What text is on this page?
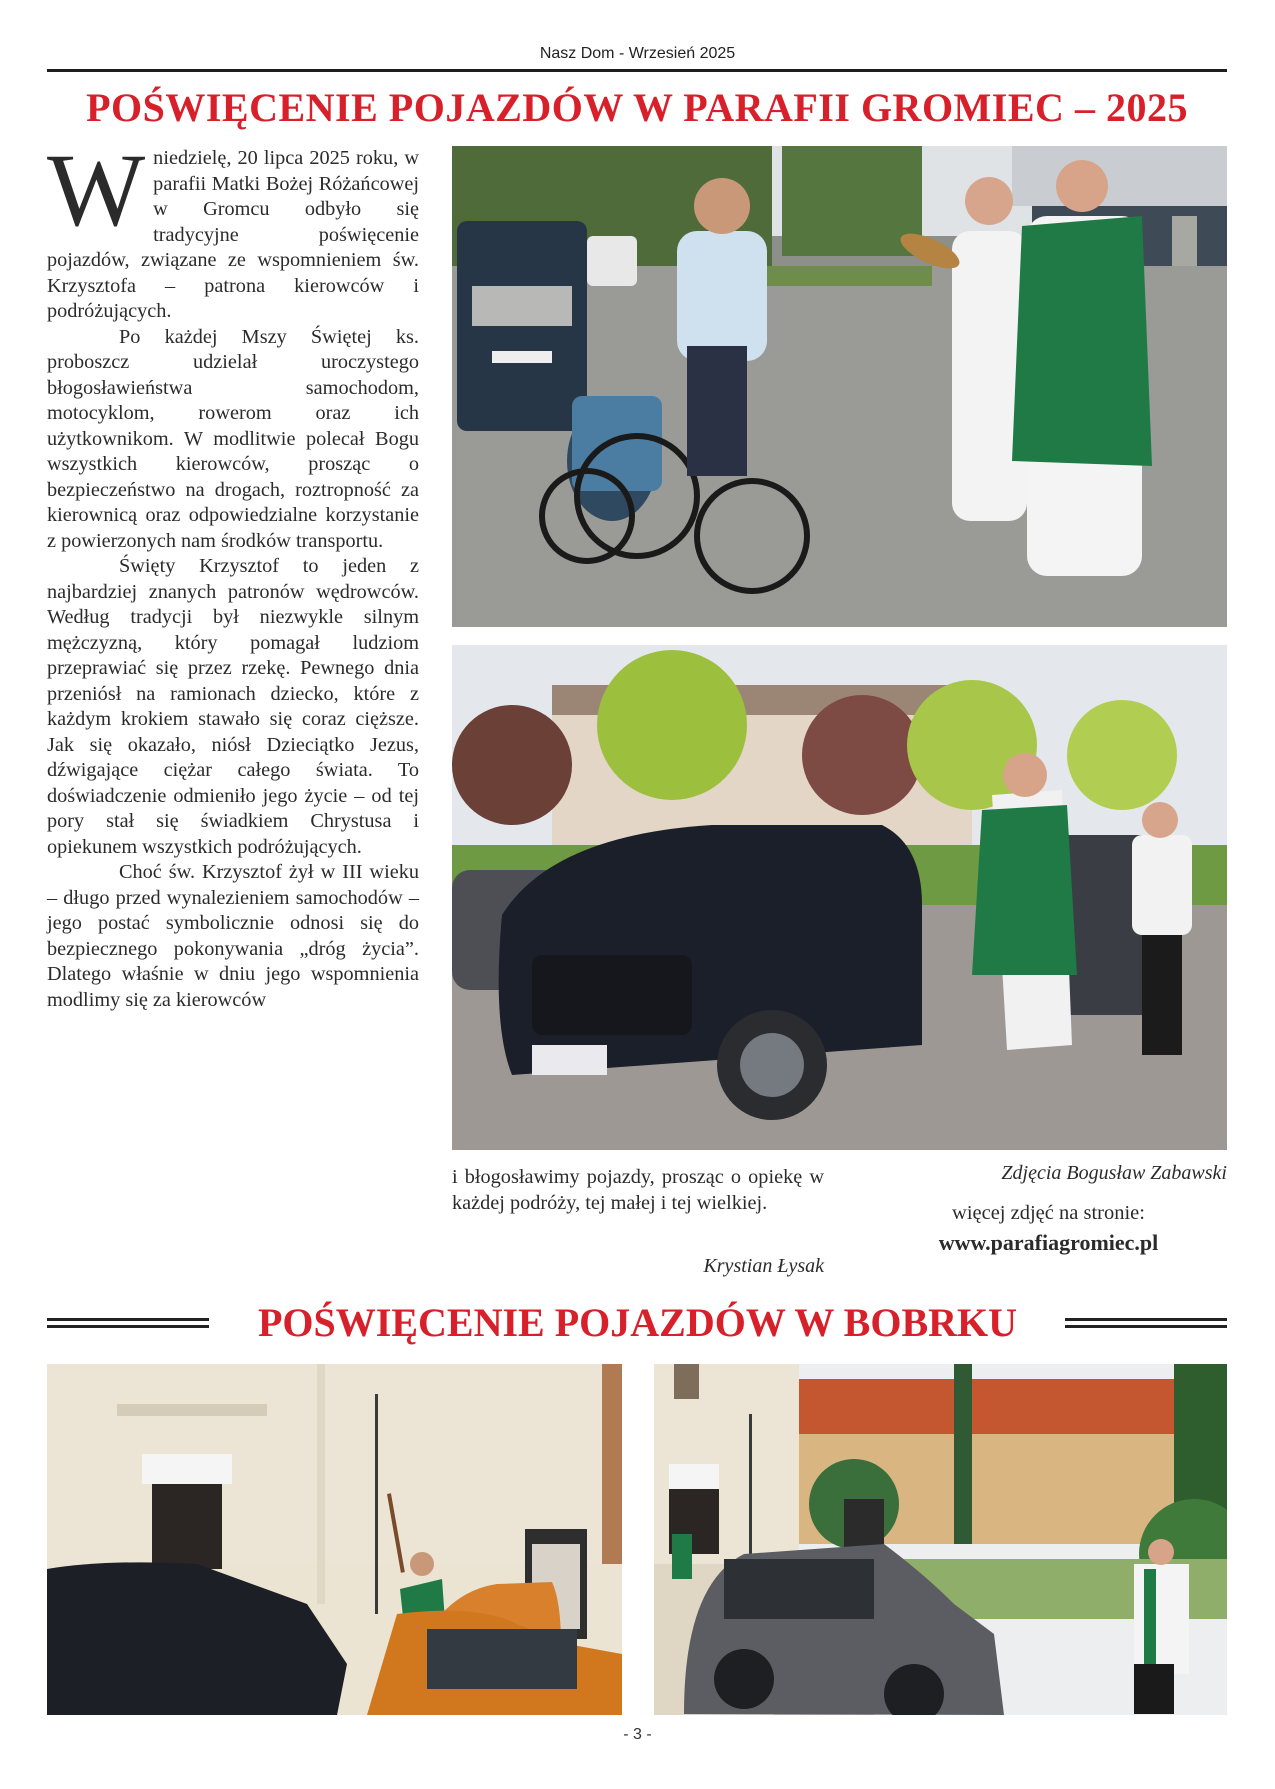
Nasz Dom - Wrzesień 2025
POŚWIĘCENIE POJAZDÓW W PARAFII GROMIEC – 2025

Wniedzielę, 20 lipca 2025 roku, w parafii Matki Bożej Różańcowej w Gromcu odbyło się tradycyjne poświęcenie pojazdów, związane ze wspomnieniem św. Krzysztofa – patrona kierowców i podróżujących.

Po każdej Mszy Świętej ks. proboszcz udzielał uroczystego błogosławieństwa samochodom, motocyklom, rowerom oraz ich użytkownikom. W modlitwie polecał Bogu wszystkich kierowców, prosząc o bezpieczeństwo na drogach, roztropność za kierownicą oraz odpowiedzialne korzystanie z powierzonych nam środków transportu.

Święty Krzysztof to jeden z najbardziej znanych patronów wędrowców. Według tradycji był niezwykle silnym mężczyzną, który pomagał ludziom przeprawiać się przez rzekę. Pewnego dnia przeniósł na ramionach dziecko, które z każdym krokiem stawało się coraz cięższe. Jak się okazało, niósł Dzieciątko Jezus, dźwigające ciężar całego świata. To doświadczenie odmieniło jego życie – od tej pory stał się świadkiem Chrystusa i opiekunem wszystkich podróżujących.

Choć św. Krzysztof żył w III wieku – długo przed wynalezieniem samochodów – jego postać symbolicznie odnosi się do bezpiecznego pokonywania „dróg życia”. Dlatego właśnie w dniu jego wspomnienia modlimy się za kierowców

i błogosławimy pojazdy, prosząc o opiekę w każdej podróży, tej małej i tej wielkiej.

Krystian Łysak
Zdjęcia Bogusław Zabawski
więcej zdjęć na stronie:
www.parafiagromiec.pl
POŚWIĘCENIE POJAZDÓW W BOBRKU
- 3 -
